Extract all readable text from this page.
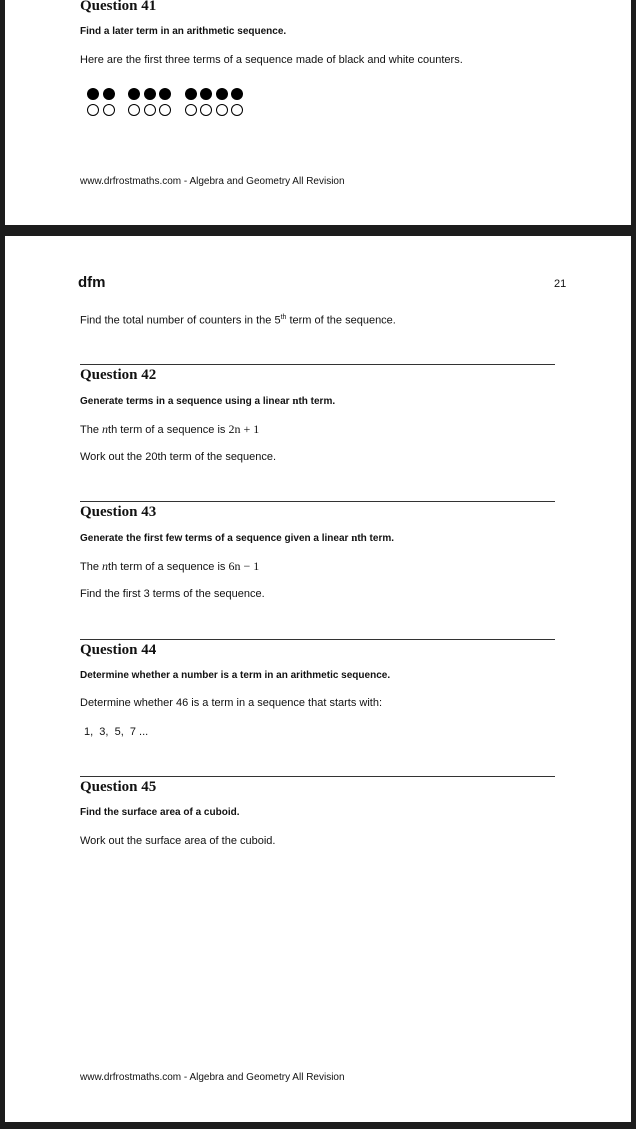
Question 41
Find a later term in an arithmetic sequence.
Here are the first three terms of a sequence made of black and white counters.
www.drfrostmaths.com - Algebra and Geometry All Revision
dfm	21
Find the total number of counters in the 5th term of the sequence.
Question 42
Generate terms in a sequence using a linear nth term.
The nth term of a sequence is 2n + 1
Work out the 20th term of the sequence.
Question 43
Generate the first few terms of a sequence given a linear nth term.
The nth term of a sequence is 6n − 1
Find the first 3 terms of the sequence.
Question 44
Determine whether a number is a term in an arithmetic sequence.
Determine whether 46 is a term in a sequence that starts with:
1,  3,  5,  7 ...
Question 45
Find the surface area of a cuboid.
Work out the surface area of the cuboid.
www.drfrostmaths.com - Algebra and Geometry All Revision
